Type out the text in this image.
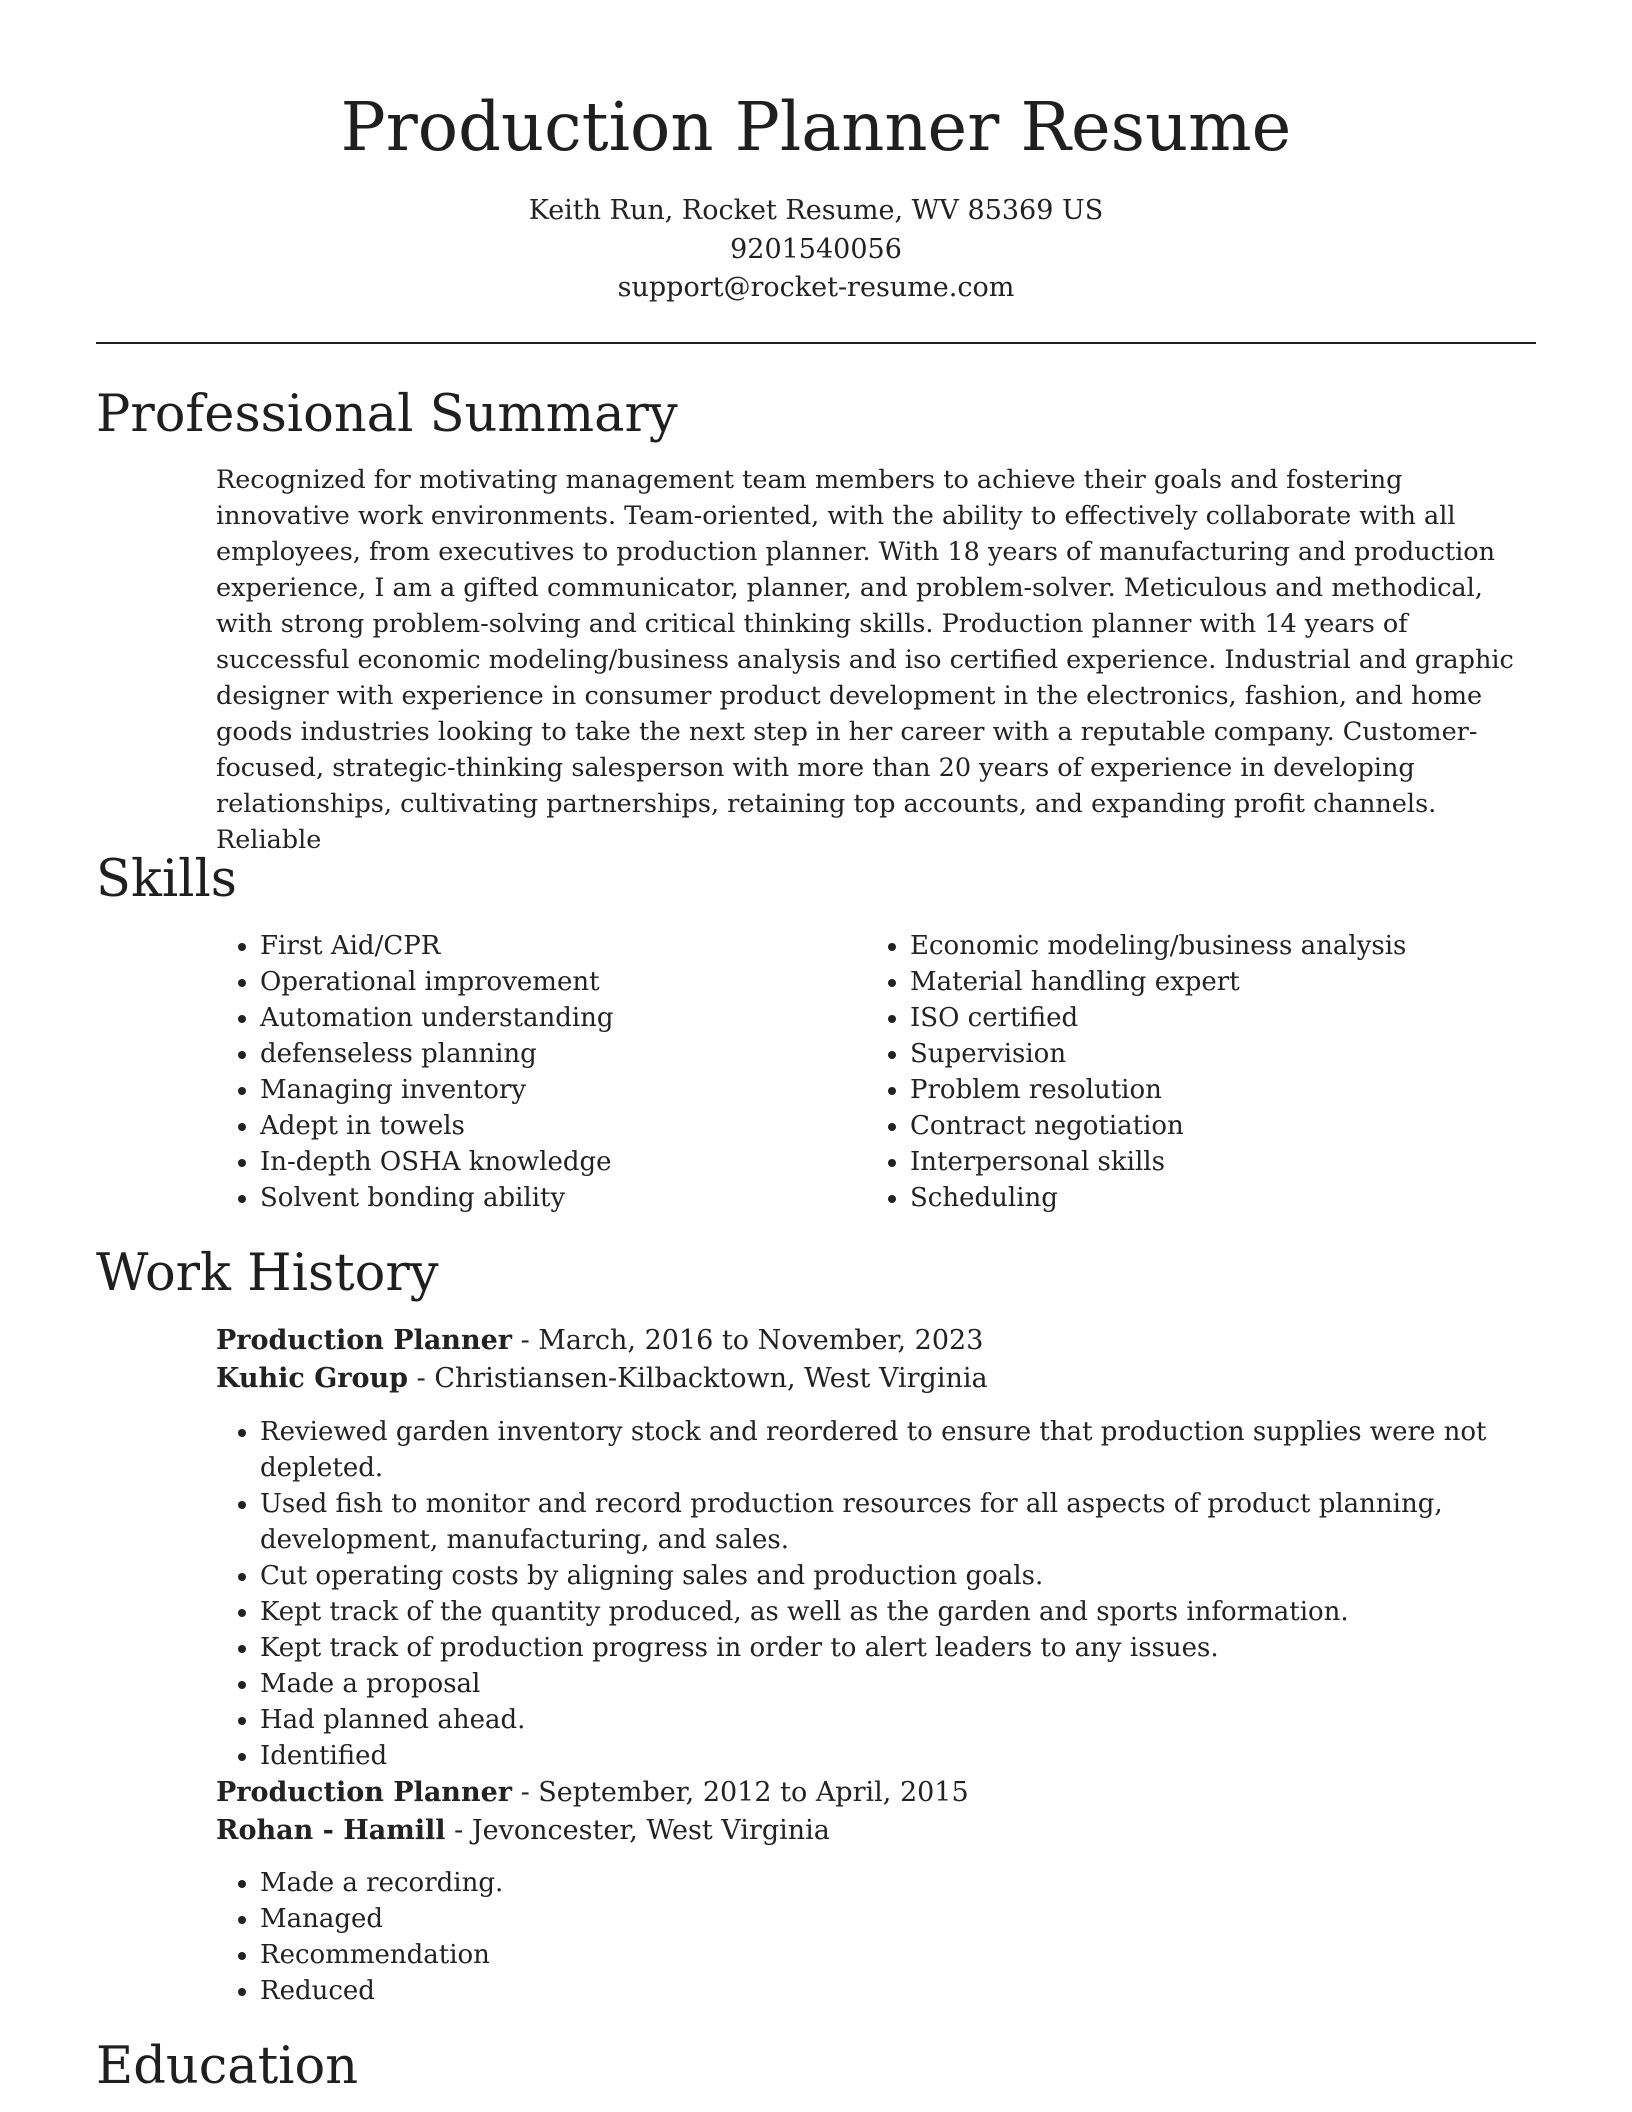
Production Planner Resume
Keith Run, Rocket Resume, WV 85369 US
9201540056
support@rocket-resume.com
Professional Summary

Recognized for motivating management team members to achieve their goals and fostering innovative work environments. Team-oriented, with the ability to effectively collaborate with all employees, from executives to production planner. With 18 years of manufacturing and production experience, I am a gifted communicator, planner, and problem-solver. Meticulous and methodical, with strong problem-solving and critical thinking skills. Production planner with 14 years of successful economic modeling/business analysis and iso certified experience. Industrial and graphic designer with experience in consumer product development in the electronics, fashion, and home goods industries looking to take the next step in her career with a reputable company. Customer-focused, strategic-thinking salesperson with more than 20 years of experience in developing relationships, cultivating partnerships, retaining top accounts, and expanding profit channels. Reliable

Skills
• First Aid/CPR
• Operational improvement
• Automation understanding
• defenseless planning
• Managing inventory
• Adept in towels
• In-depth OSHA knowledge
• Solvent bonding ability
• Economic modeling/business analysis
• Material handling expert
• ISO certified
• Supervision
• Problem resolution
• Contract negotiation
• Interpersonal skills
• Scheduling
Work History
Production Planner - March, 2016 to November, 2023
Kuhic Group - Christiansen-Kilbacktown, West Virginia
• Reviewed garden inventory stock and reordered to ensure that production supplies were not depleted.
• Used fish to monitor and record production resources for all aspects of product planning, development, manufacturing, and sales.
• Cut operating costs by aligning sales and production goals.
• Kept track of the quantity produced, as well as the garden and sports information.
• Kept track of production progress in order to alert leaders to any issues.
• Made a proposal
• Had planned ahead.
• Identified
Production Planner - September, 2012 to April, 2015
Rohan - Hamill - Jevoncester, West Virginia
• Made a recording.
• Managed
• Recommendation
• Reduced
Education
